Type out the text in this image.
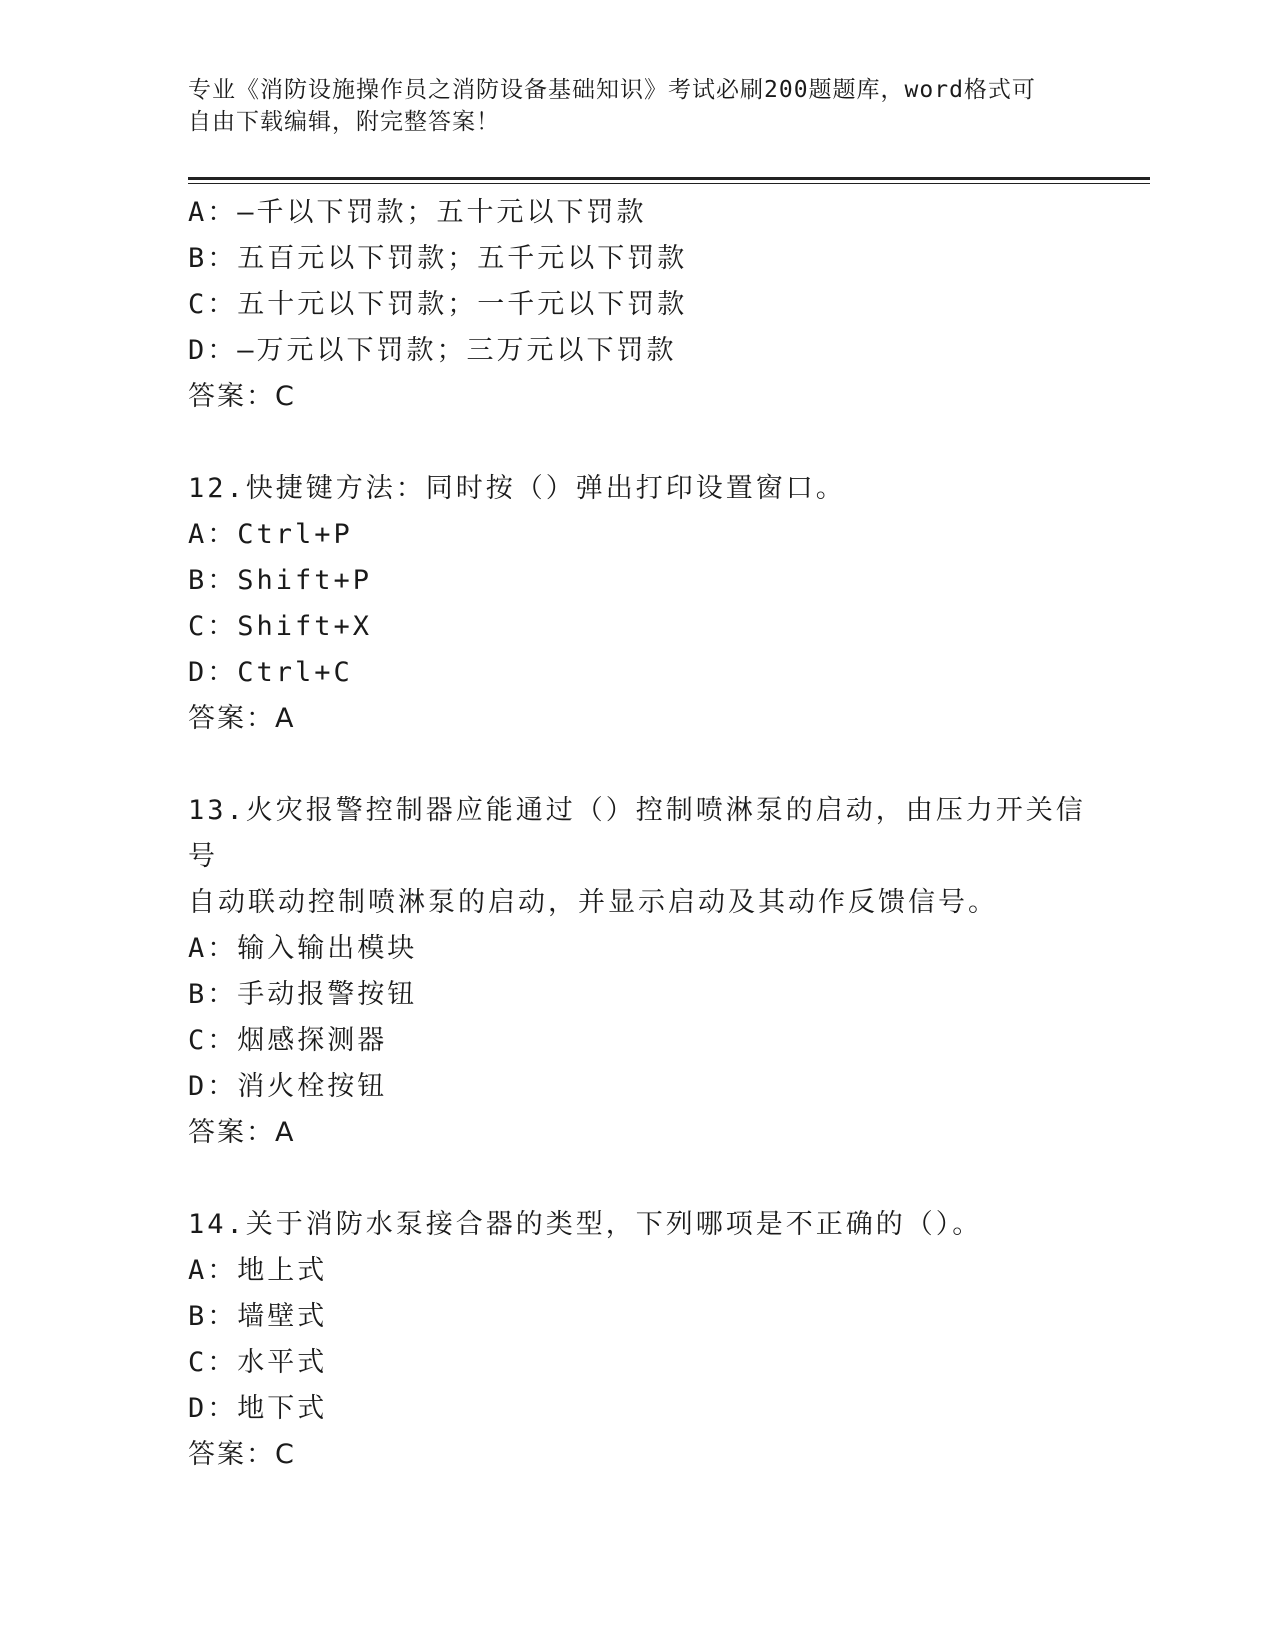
专业《消防设施操作员之消防设备基础知识》考试必刷200题题库，word格式可
自由下载编辑，附完整答案！

A：—千以下罚款；五十元以下罚款

B：五百元以下罚款；五千元以下罚款

C：五十元以下罚款；一千元以下罚款

D：—万元以下罚款；三万元以下罚款

答案：C

12.快捷键方法：同时按（）弹出打印设置窗口。

A：Ctrl+P

B：Shift+P

C：Shift+X

D：Ctrl+C

答案：A

13.火灾报警控制器应能通过（）控制喷淋泵的启动，由压力开关信号

自动联动控制喷淋泵的启动，并显示启动及其动作反馈信号。

A：输入输出模块

B：手动报警按钮

C：烟感探测器

D：消火栓按钮

答案：A

14.关于消防水泵接合器的类型，下列哪项是不正确的（）。

A：地上式

B：墙壁式

C：水平式

D：地下式

答案：C
